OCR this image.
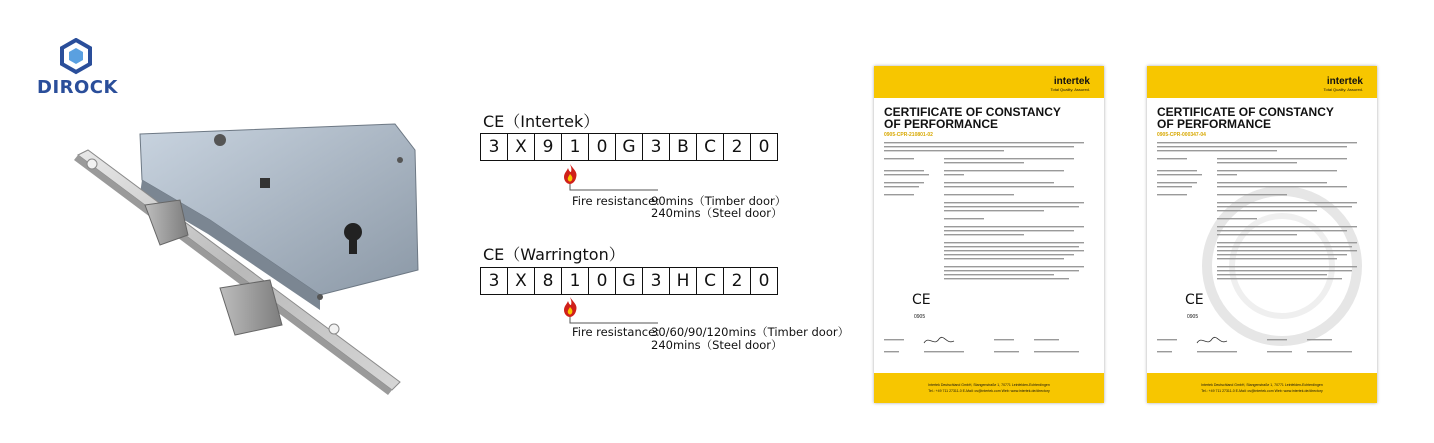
DIROCK
CE（Intertek）
3 X 9 1 0 G 3 B C 2 0
Fire resistance：
90mins（Timber door）
240mins（Steel door）
CE（Warrington）
3 X 8 1 0 G 3 H C 2 0
Fire resistance：
30/60/90/120mins（Timber door）
240mins（Steel door）
intertek
Total Quality. Assured.
CERTIFICATE OF CONSTANCY
OF PERFORMANCE
0905-CPR-210801-02
CE
0905
Intertek Deutschland GmbH, Stangenstraße 1, 70771 Leinfelden-Echterdingen
Tel.: +49 711 27311-0 E-Mail: cs@intertek.com Web: www.intertek.de/directory
intertek
Total Quality. Assured.
CERTIFICATE OF CONSTANCY
OF PERFORMANCE
0905-CPR-000347-04
CE
0905
Intertek Deutschland GmbH, Stangenstraße 1, 70771 Leinfelden-Echterdingen
Tel.: +49 711 27311-0 E-Mail: cs@intertek.com Web: www.intertek.de/directory
